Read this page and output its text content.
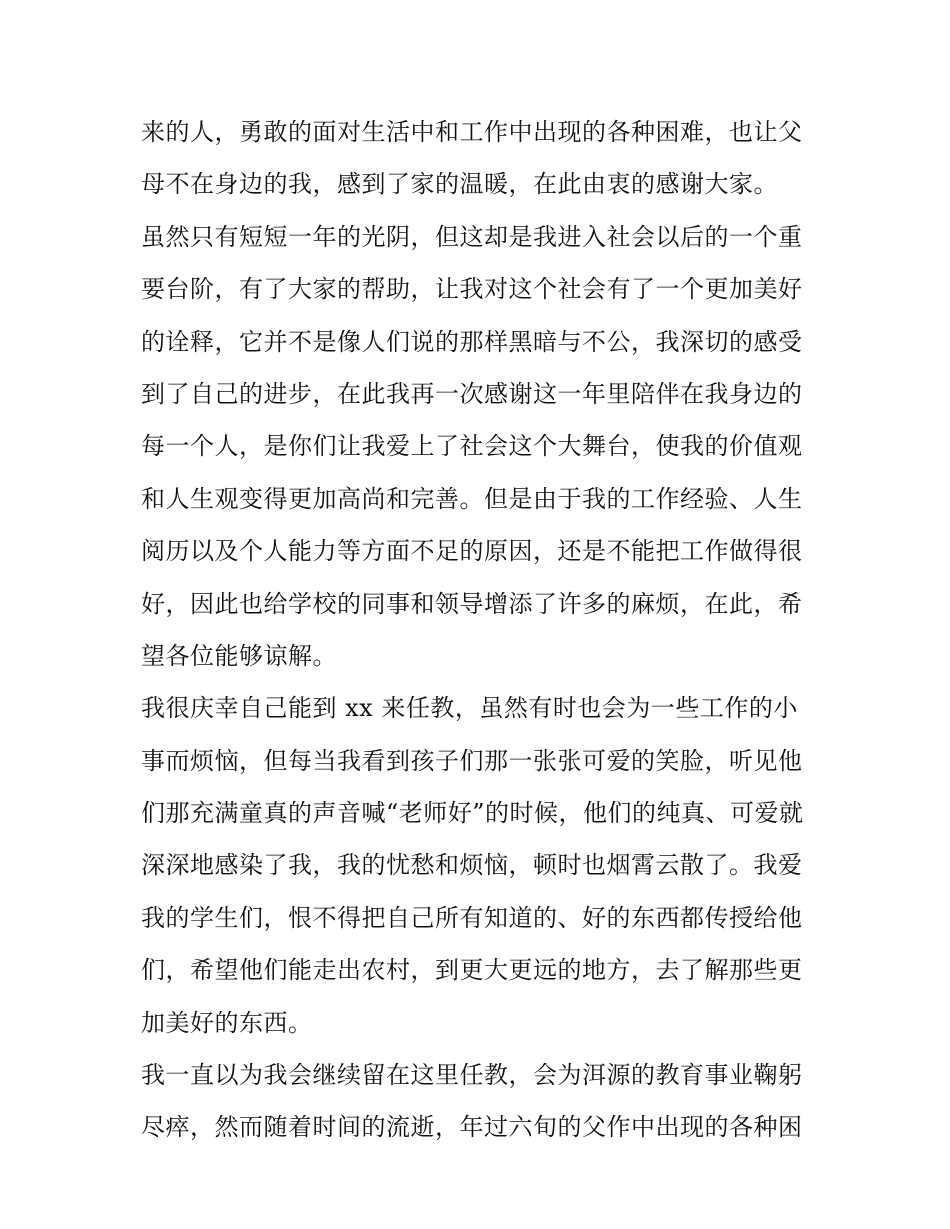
来的人，勇敢的面对生活中和工作中出现的各种困难，也让父
母不在身边的我，感到了家的温暖，在此由衷的感谢大家。
虽然只有短短一年的光阴，但这却是我进入社会以后的一个重
要台阶，有了大家的帮助，让我对这个社会有了一个更加美好
的诠释，它并不是像人们说的那样黑暗与不公，我深切的感受
到了自己的进步，在此我再一次感谢这一年里陪伴在我身边的
每一个人，是你们让我爱上了社会这个大舞台，使我的价值观
和人生观变得更加高尚和完善。但是由于我的工作经验、人生
阅历以及个人能力等方面不足的原因，还是不能把工作做得很
好，因此也给学校的同事和领导增添了许多的麻烦，在此，希
望各位能够谅解。
我很庆幸自己能到 xx 来任教，虽然有时也会为一些工作的小
事而烦恼，但每当我看到孩子们那一张张可爱的笑脸，听见他
们那充满童真的声音喊“老师好”的时候，他们的纯真、可爱就
深深地感染了我，我的忧愁和烦恼，顿时也烟霄云散了。我爱
我的学生们，恨不得把自己所有知道的、好的东西都传授给他
们，希望他们能走出农村，到更大更远的地方，去了解那些更
加美好的东西。
我一直以为我会继续留在这里任教，会为洱源的教育事业鞠躬
尽瘁，然而随着时间的流逝，年过六旬的父作中出现的各种困
